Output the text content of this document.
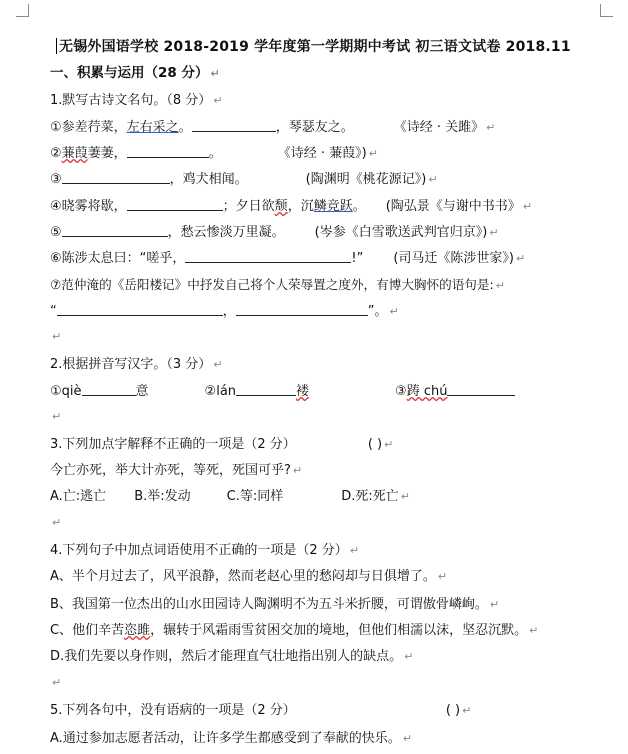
无锡外国语学校 2018-2019 学年度第一学期期中考试 初三语文试卷 2018.11
一、积累与运用（28 分） ↵
1.默写古诗文名句。（8 分） ↵
①参差荇菜，左右采之。	，琴瑟友之。	《诗经 · 关雎》 ↵
②蒹葭萋萋，	。	《诗经 · 蒹葭》) ↵
③	，鸡犬相闻。	(陶渊明《桃花源记》) ↵
④晓雾将歇，	；夕日欲颓，沉鳞竞跃。 (陶弘景《与谢中书书》 ↵
⑤	，愁云惨淡万里凝。 (岑参《白雪歌送武判官归京》) ↵
⑥陈涉太息曰：“嗟乎，	!” (司马迁《陈涉世家》) ↵
⑦范仲淹的《岳阳楼记》中抒发自己将个人荣辱置之度外，有博大胸怀的语句是: ↵
“	，	”。 ↵
↵
2.根据拼音写汉字。（3 分） ↵
①qiè	意	②lán	褛	③踌 chú
↵
3.下列加点字解释不正确的一项是（2 分）	( ) ↵
今亡亦死，举大计亦死，等死，死国可乎? ↵
A.亡:逃亡 B.举:发动	C.等:同样	D.死:死亡 ↵
↵
4.下列句子中加点词语使用不正确的一项是（2 分） ↵
A、半个月过去了，风平浪静，然而老赵心里的愁闷却与日俱增了。 ↵
B、我国第一位杰出的山水田园诗人陶渊明不为五斗米折腰，可谓傲骨嶙峋。 ↵
C、他们辛苦恣雎，辗转于风霜雨雪贫困交加的境地，但他们相濡以沫，坚忍沉默。 ↵
D.我们先要以身作则，然后才能理直气壮地指出别人的缺点。 ↵
↵
5.下列各句中，没有语病的一项是（2 分）	( ) ↵
A.通过参加志愿者活动，让许多学生都感受到了奉献的快乐。 ↵
